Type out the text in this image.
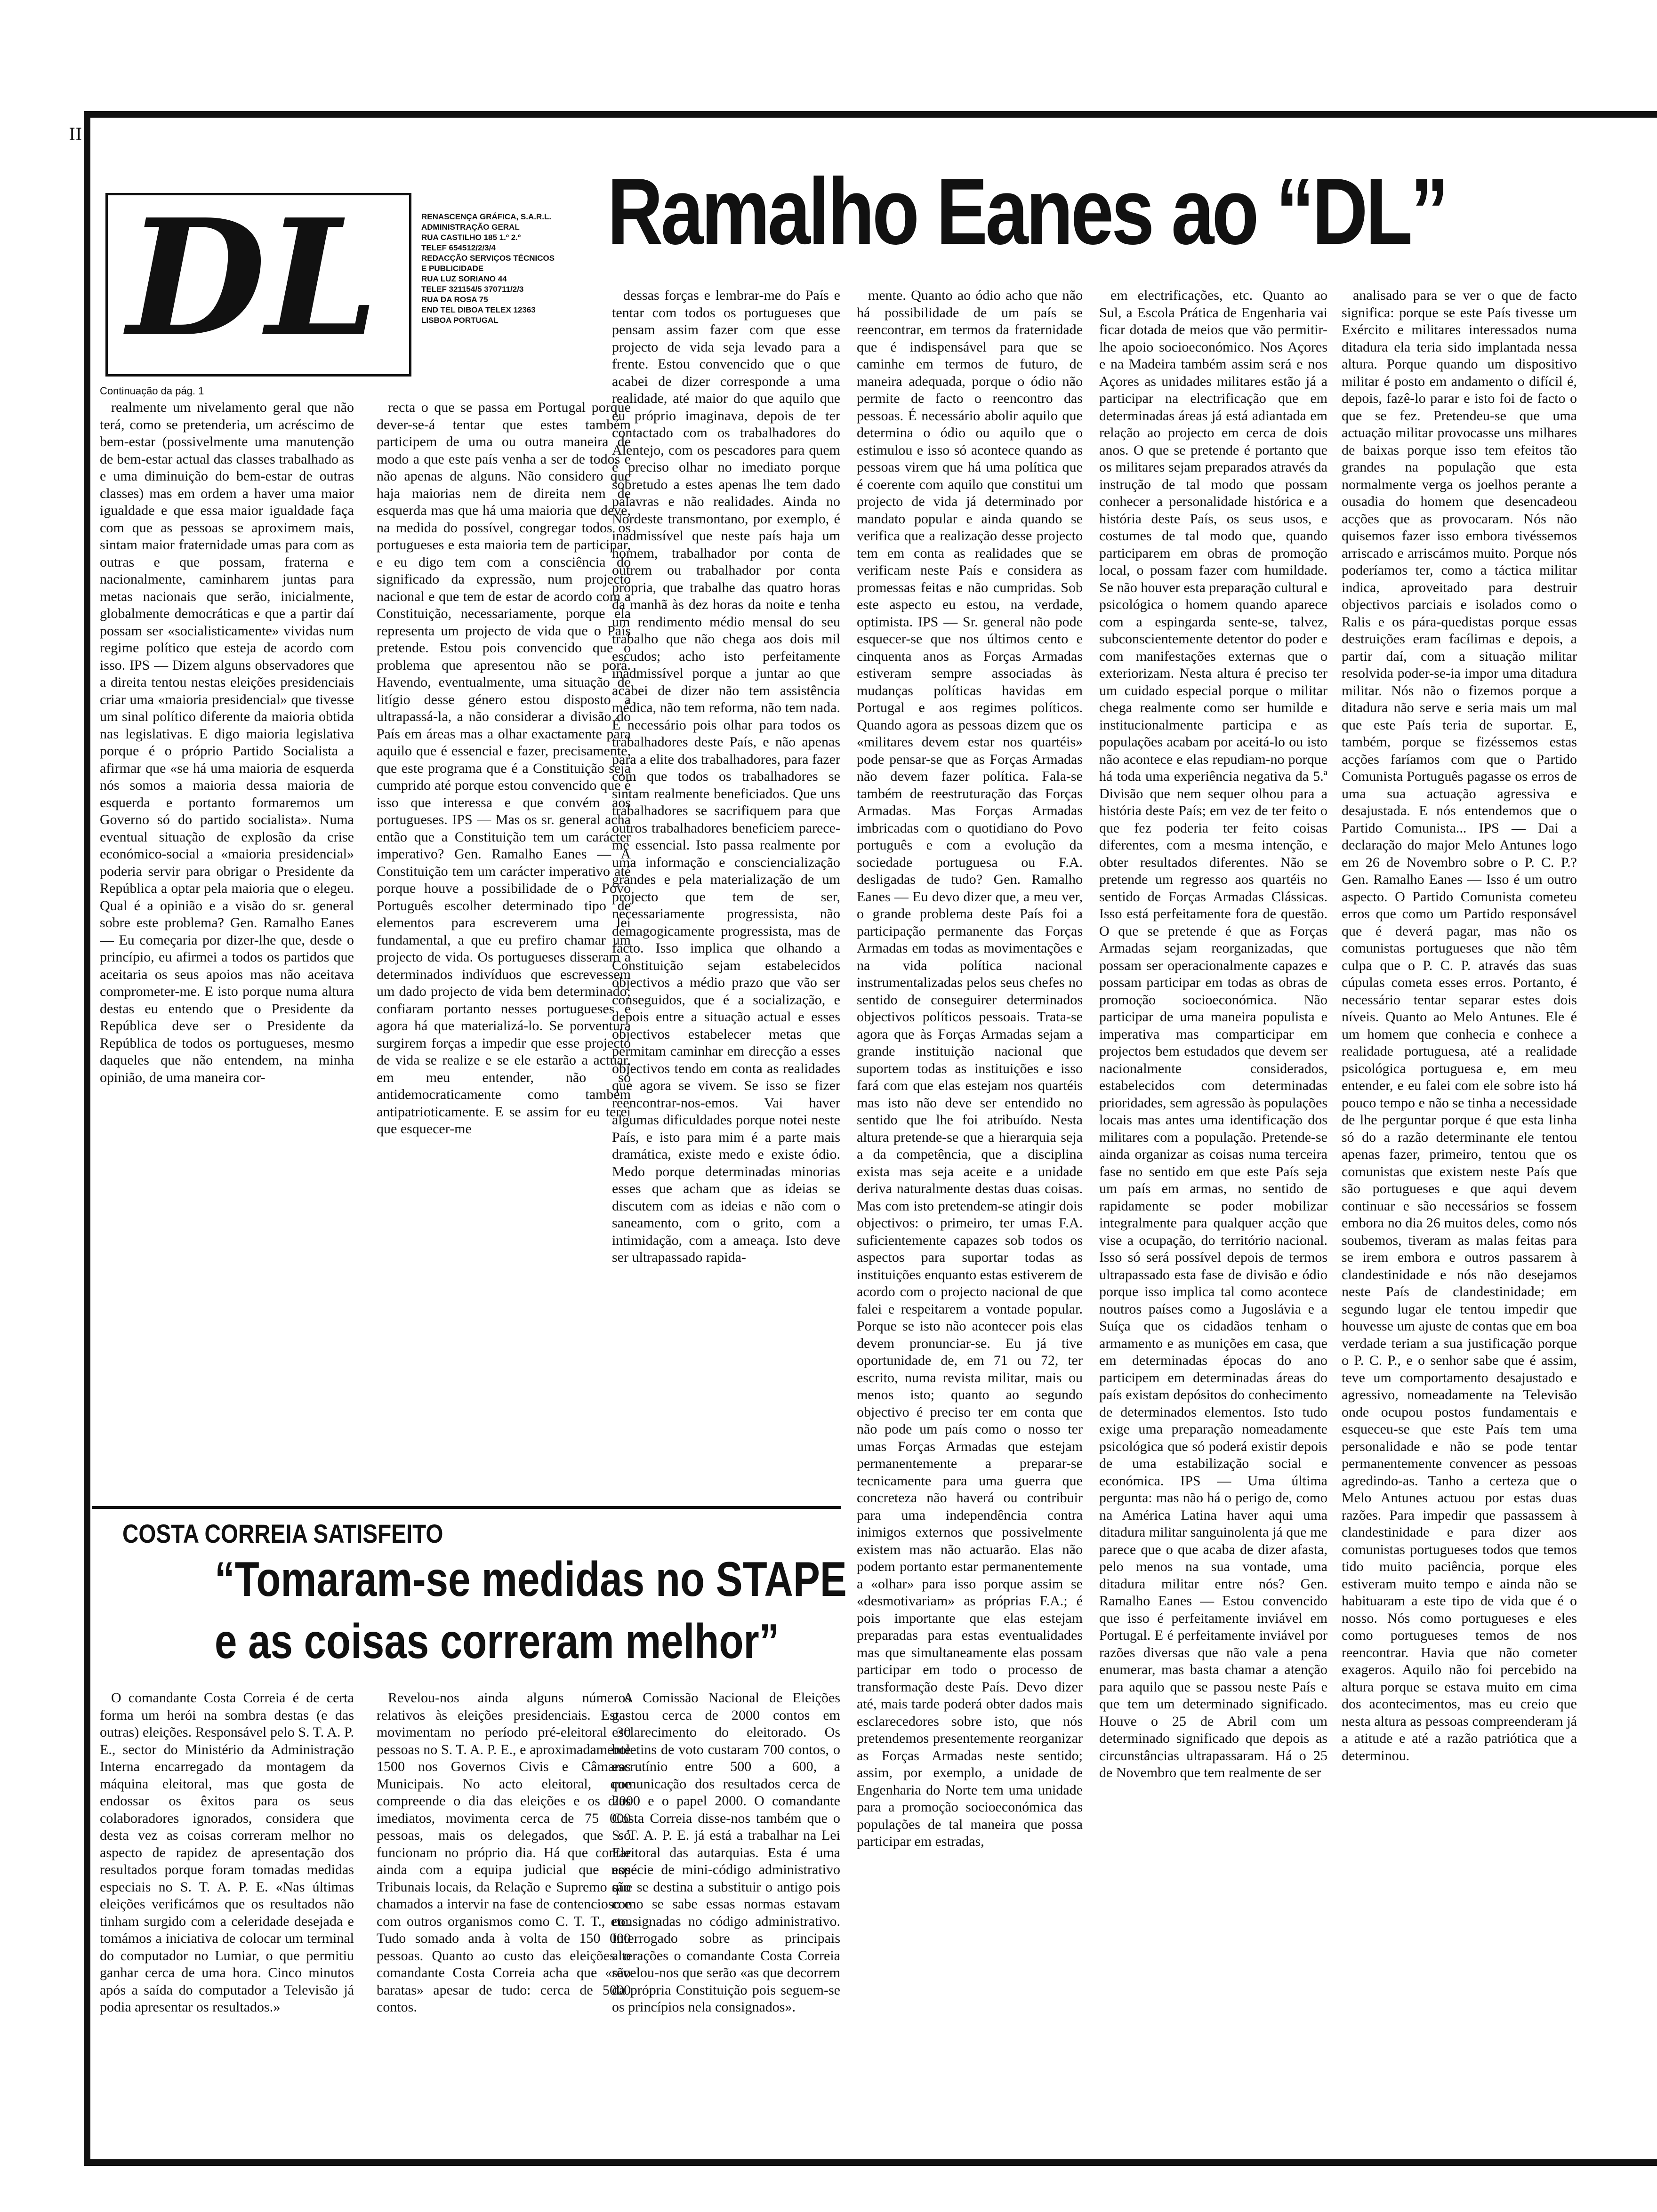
II
DL	RENASCENÇA GRÁFICA, S.A.R.L.
ADMINISTRAÇÃO GERAL
RUA CASTILHO 185 1.º 2.º
TELEF 654512/2/3/4
REDACÇÃO SERVIÇOS TÉCNICOS
E PUBLICIDADE
RUA LUZ SORIANO 44
TELEF 321154/5 370711/2/3
RUA DA ROSA 75
END TEL DIBOA TELEX 12363
LISBOA PORTUGAL
Ramalho Eanes ao “DL”
Continuação da pág. 1

realmente um nivelamento geral que não terá, como se pretenderia, um acréscimo de bem-estar (possivelmente uma manutenção de bem-estar actual das classes trabalhado as e uma diminuição do bem-estar de outras classes) mas em ordem a haver uma maior igualdade e que essa maior igualdade faça com que as pessoas se aproximem mais, sintam maior fraternidade umas para com as outras e que possam, fraterna e nacionalmente, caminharem juntas para metas nacionais que serão, inicialmente, globalmente democráticas e que a partir daí possam ser «socialisticamente» vividas num regime político que esteja de acordo com isso. IPS — Dizem alguns observadores que a direita tentou nestas eleições presidenciais criar uma «maioria presidencial» que tivesse um sinal político diferente da maioria obtida nas legislativas. E digo maioria legislativa porque é o próprio Partido Socialista a afirmar que «se há uma maioria de esquerda nós somos a maioria dessa maioria de esquerda e portanto formaremos um Governo só do partido socialista». Numa eventual situação de explosão da crise económico-social a «maioria presidencial» poderia servir para obrigar o Presidente da República a optar pela maioria que o elegeu. Qual é a opinião e a visão do sr. general sobre este problema? Gen. Ramalho Eanes — Eu começaria por dizer-lhe que, desde o princípio, eu afirmei a todos os partidos que aceitaria os seus apoios mas não aceitava comprometer-me. E isto porque numa altura destas eu entendo que o Presidente da República deve ser o Presidente da República de todos os portugueses, mesmo daqueles que não entendem, na minha opinião, de uma maneira cor-

recta o que se passa em Portugal porque dever-se-á tentar que estes também participem de uma ou outra maneira de modo a que este país venha a ser de todos e não apenas de alguns. Não considero que haja maiorias nem de direita nem de esquerda mas que há uma maioria que deve, na medida do possível, congregar todos os portugueses e esta maioria tem de participar, e eu digo tem com a consciência do significado da expressão, num projecto nacional e que tem de estar de acordo com a Constituição, necessariamente, porque ela representa um projecto de vida que o País pretende. Estou pois convencido que o problema que apresentou não se porá. Havendo, eventualmente, uma situação de litígio desse género estou disposto a ultrapassá-la, a não considerar a divisão do País em áreas mas a olhar exactamente para aquilo que é essencial e fazer, precisamente, que este programa que é a Constituição seja cumprido até porque estou convencido que é isso que interessa e que convém aos portugueses. IPS — Mas os sr. general acha então que a Constituição tem um carácter imperativo? Gen. Ramalho Eanes — A Constituição tem um carácter imperativo até porque houve a possibilidade de o Povo Português escolher determinado tipo de elementos para escreverem uma lei fundamental, a que eu prefiro chamar um projecto de vida. Os portugueses disseram a determinados indivíduos que escrevessem um dado projecto de vida bem determinado; confiaram portanto nesses portugueses e agora há que materializá-lo. Se porventura surgirem forças a impedir que esse projecto de vida se realize e se ele estarão a actuar, em meu entender, não só antidemocraticamente como também antipatrioticamente. E se assim for eu terei que esquecer-me

dessas forças e lembrar-me do País e tentar com todos os portugueses que pensam assim fazer com que esse projecto de vida seja levado para a frente. Estou convencido que o que acabei de dizer corresponde a uma realidade, até maior do que aquilo que eu próprio imaginava, depois de ter contactado com os trabalhadores do Alentejo, com os pescadores para quem é preciso olhar no imediato porque sobretudo a estes apenas lhe tem dado palavras e não realidades. Ainda no Nordeste transmontano, por exemplo, é inadmissível que neste país haja um homem, trabalhador por conta de outrem ou trabalhador por conta própria, que trabalhe das quatro horas da manhã às dez horas da noite e tenha um rendimento médio mensal do seu trabalho que não chega aos dois mil escudos; acho isto perfeitamente inadmissível porque a juntar ao que acabei de dizer não tem assistência médica, não tem reforma, não tem nada. É necessário pois olhar para todos os trabalhadores deste País, e não apenas para a elite dos trabalhadores, para fazer com que todos os trabalhadores se sintam realmente beneficiados. Que uns trabalhadores se sacrifiquem para que outros trabalhadores beneficiem parece-me essencial. Isto passa realmente por uma informação e consciencialização grandes e pela materialização de um projecto que tem de ser, necessariamente progressista, não demagogicamente progressista, mas de facto. Isso implica que olhando a Constituição sejam estabelecidos objectivos a médio prazo que vão ser conseguidos, que é a socialização, e depois entre a situação actual e esses objectivos estabelecer metas que permitam caminhar em direcção a esses objectivos tendo em conta as realidades que agora se vivem. Se isso se fizer reencontrar-nos-emos. Vai haver algumas dificuldades porque notei neste País, e isto para mim é a parte mais dramática, existe medo e existe ódio. Medo porque determinadas minorias esses que acham que as ideias se discutem com as ideias e não com o saneamento, com o grito, com a intimidação, com a ameaça. Isto deve ser ultrapassado rapida-

mente. Quanto ao ódio acho que não há possibilidade de um país se reencontrar, em termos da fraternidade que é indispensável para que se caminhe em termos de futuro, de maneira adequada, porque o ódio não permite de facto o reencontro das pessoas. É necessário abolir aquilo que determina o ódio ou aquilo que o estimulou e isso só acontece quando as pessoas virem que há uma política que é coerente com aquilo que constitui um projecto de vida já determinado por mandato popular e ainda quando se verifica que a realização desse projecto tem em conta as realidades que se verificam neste País e considera as promessas feitas e não cumpridas. Sob este aspecto eu estou, na verdade, optimista. IPS — Sr. general não pode esquecer-se que nos últimos cento e cinquenta anos as Forças Armadas estiveram sempre associadas às mudanças políticas havidas em Portugal e aos regimes políticos. Quando agora as pessoas dizem que os «militares devem estar nos quartéis» pode pensar-se que as Forças Armadas não devem fazer política. Fala-se também de reestruturação das Forças Armadas. Mas Forças Armadas imbricadas com o quotidiano do Povo português e com a evolução da sociedade portuguesa ou F.A. desligadas de tudo? Gen. Ramalho Eanes — Eu devo dizer que, a meu ver, o grande problema deste País foi a participação permanente das Forças Armadas em todas as movimentações e na vida política nacional instrumentalizadas pelos seus chefes no sentido de conseguirer determinados objectivos políticos pessoais. Trata-se agora que às Forças Armadas sejam a grande instituição nacional que suportem todas as instituições e isso fará com que elas estejam nos quartéis mas isto não deve ser entendido no sentido que lhe foi atribuído. Nesta altura pretende-se que a hierarquia seja a da competência, que a disciplina exista mas seja aceite e a unidade deriva naturalmente destas duas coisas. Mas com isto pretendem-se atingir dois objectivos: o primeiro, ter umas F.A. suficientemente capazes sob todos os aspectos para suportar todas as instituições enquanto estas estiverem de acordo com o projecto nacional de que falei e respeitarem a vontade popular. Porque se isto não acontecer pois elas devem pronunciar-se. Eu já tive oportunidade de, em 71 ou 72, ter escrito, numa revista militar, mais ou menos isto; quanto ao segundo objectivo é preciso ter em conta que não pode um país como o nosso ter umas Forças Armadas que estejam permanentemente a preparar-se tecnicamente para uma guerra que concreteza não haverá ou contribuir para uma independência contra inimigos externos que possivelmente existem mas não actuarão. Elas não podem portanto estar permanentemente a «olhar» para isso porque assim se «desmotivariam» as próprias F.A.; é pois importante que elas estejam preparadas para estas eventualidades mas que simultaneamente elas possam participar em todo o processo de transformação deste País. Devo dizer até, mais tarde poderá obter dados mais esclarecedores sobre isto, que nós pretendemos presentemente reorganizar as Forças Armadas neste sentido; assim, por exemplo, a unidade de Engenharia do Norte tem uma unidade para a promoção socioeconómica das populações de tal maneira que possa participar em estradas,

em electrificações, etc. Quanto ao Sul, a Escola Prática de Engenharia vai ficar dotada de meios que vão permitir-lhe apoio socioeconómico. Nos Açores e na Madeira também assim será e nos Açores as unidades militares estão já a participar na electrificação que em determinadas áreas já está adiantada em relação ao projecto em cerca de dois anos. O que se pretende é portanto que os militares sejam preparados através da instrução de tal modo que possam conhecer a personalidade histórica e a história deste País, os seus usos, e costumes de tal modo que, quando participarem em obras de promoção local, o possam fazer com humildade. Se não houver esta preparação cultural e psicológica o homem quando aparece com a espingarda sente-se, talvez, subconscientemente detentor do poder e com manifestações externas que o exteriorizam. Nesta altura é preciso ter um cuidado especial porque o militar chega realmente como ser humilde e institucionalmente participa e as populações acabam por aceitá-lo ou isto não acontece e elas repudiam-no porque há toda uma experiência negativa da 5.ª Divisão que nem sequer olhou para a história deste País; em vez de ter feito o que fez poderia ter feito coisas diferentes, com a mesma intenção, e obter resultados diferentes. Não se pretende um regresso aos quartéis no sentido de Forças Armadas Clássicas. Isso está perfeitamente fora de questão. O que se pretende é que as Forças Armadas sejam reorganizadas, que possam ser operacionalmente capazes e possam participar em todas as obras de promoção socioeconómica. Não participar de uma maneira populista e imperativa mas comparticipar em projectos bem estudados que devem ser nacionalmente considerados, estabelecidos com determinadas prioridades, sem agressão às populações locais mas antes uma identificação dos militares com a população. Pretende-se ainda organizar as coisas numa terceira fase no sentido em que este País seja um país em armas, no sentido de rapidamente se poder mobilizar integralmente para qualquer acção que vise a ocupação, do território nacional. Isso só será possível depois de termos ultrapassado esta fase de divisão e ódio porque isso implica tal como acontece noutros países como a Jugoslávia e a Suíça que os cidadãos tenham o armamento e as munições em casa, que em determinadas épocas do ano participem em determinadas áreas do país existam depósitos do conhecimento de determinados elementos. Isto tudo exige uma preparação nomeadamente psicológica que só poderá existir depois de uma estabilização social e económica. IPS — Uma última pergunta: mas não há o perigo de, como na América Latina haver aqui uma ditadura militar sanguinolenta já que me parece que o que acaba de dizer afasta, pelo menos na sua vontade, uma ditadura militar entre nós? Gen. Ramalho Eanes — Estou convencido que isso é perfeitamente inviável em Portugal. E é perfeitamente inviável por razões diversas que não vale a pena enumerar, mas basta chamar a atenção para aquilo que se passou neste País e que tem um determinado significado. Houve o 25 de Abril com um determinado significado que depois as circunstâncias ultrapassaram. Há o 25 de Novembro que tem realmente de ser

analisado para se ver o que de facto significa: porque se este País tivesse um Exército e militares interessados numa ditadura ela teria sido implantada nessa altura. Porque quando um dispositivo militar é posto em andamento o difícil é, depois, fazê-lo parar e isto foi de facto o que se fez. Pretendeu-se que uma actuação militar provocasse uns milhares de baixas porque isso tem efeitos tão grandes na população que esta normalmente verga os joelhos perante a ousadia do homem que desencadeou acções que as provocaram. Nós não quisemos fazer isso embora tivéssemos arriscado e arriscámos muito. Porque nós poderíamos ter, como a táctica militar indica, aproveitado para destruir objectivos parciais e isolados como o Ralis e os pára-quedistas porque essas destruições eram facílimas e depois, a partir daí, com a situação militar resolvida poder-se-ia impor uma ditadura militar. Nós não o fizemos porque a ditadura não serve e seria mais um mal que este País teria de suportar. E, também, porque se fizéssemos estas acções faríamos com que o Partido Comunista Português pagasse os erros de uma sua actuação agressiva e desajustada. E nós entendemos que o Partido Comunista... IPS — Dai a declaração do major Melo Antunes logo em 26 de Novembro sobre o P. C. P.? Gen. Ramalho Eanes — Isso é um outro aspecto. O Partido Comunista cometeu erros que como um Partido responsável que é deverá pagar, mas não os comunistas portugueses que não têm culpa que o P. C. P. através das suas cúpulas cometa esses erros. Portanto, é necessário tentar separar estes dois níveis. Quanto ao Melo Antunes. Ele é um homem que conhecia e conhece a realidade portuguesa, até a realidade psicológica portuguesa e, em meu entender, e eu falei com ele sobre isto há pouco tempo e não se tinha a necessidade de lhe perguntar porque é que esta linha só do a razão determinante ele tentou apenas fazer, primeiro, tentou que os comunistas que existem neste País que são portugueses e que aqui devem continuar e são necessários se fossem embora no dia 26 muitos deles, como nós soubemos, tiveram as malas feitas para se irem embora e outros passarem à clandestinidade e nós não desejamos neste País de clandestinidade; em segundo lugar ele tentou impedir que houvesse um ajuste de contas que em boa verdade teriam a sua justificação porque o P. C. P., e o senhor sabe que é assim, teve um comportamento desajustado e agressivo, nomeadamente na Televisão onde ocupou postos fundamentais e esqueceu-se que este País tem uma personalidade e não se pode tentar permanentemente convencer as pessoas agredindo-as. Tanho a certeza que o Melo Antunes actuou por estas duas razões. Para impedir que passassem à clandestinidade e para dizer aos comunistas portugueses todos que temos tido muito paciência, porque eles estiveram muito tempo e ainda não se habituaram a este tipo de vida que é o nosso. Nós como portugueses e eles como portugueses temos de nos reencontrar. Havia que não cometer exageros. Aquilo não foi percebido na altura porque se estava muito em cima dos acontecimentos, mas eu creio que nesta altura as pessoas compreenderam já a atitude e até a razão patriótica que a determinou.

COSTA CORREIA SATISFEITO
“Tomaram-se medidas no STAPE
e as coisas correram melhor”

O comandante Costa Correia é de certa forma um herói na sombra destas (e das outras) eleições. Responsável pelo S. T. A. P. E., sector do Ministério da Administração Interna encarregado da montagem da máquina eleitoral, mas que gosta de endossar os êxitos para os seus colaboradores ignorados, considera que desta vez as coisas correram melhor no aspecto de rapidez de apresentação dos resultados porque foram tomadas medidas especiais no S. T. A. P. E. «Nas últimas eleições verificámos que os resultados não tinham surgido com a celeridade desejada e tomámos a iniciativa de colocar um terminal do computador no Lumiar, o que permitiu ganhar cerca de uma hora. Cinco minutos após a saída do computador a Televisão já podia apresentar os resultados.»

Revelou-nos ainda alguns números relativos às eleições presidenciais. Estas movimentam no período pré-eleitoral 30 pessoas no S. T. A. P. E., e aproximadamente 1500 nos Governos Civis e Câmaras Municipais. No acto eleitoral, que compreende o dia das eleições e os dias imediatos, movimenta cerca de 75 000 pessoas, mais os delegados, que só funcionam no próprio dia. Há que contar ainda com a equipa judicial que nos Tribunais locais, da Relação e Supremo são chamados a intervir na fase de contencioso e com outros organismos como C. T. T., etc. Tudo somado anda à volta de 150 000 pessoas. Quanto ao custo das eleições o comandante Costa Correia acha que «são baratas» apesar de tudo: cerca de 5000 contos.

A Comissão Nacional de Eleições gastou cerca de 2000 contos em esclarecimento do eleitorado. Os boletins de voto custaram 700 contos, o escrutínio entre 500 a 600, a comunicação dos resultados cerca de 2000 e o papel 2000. O comandante Costa Correia disse-nos também que o S. T. A. P. E. já está a trabalhar na Lei Eleitoral das autarquias. Esta é uma espécie de mini-código administrativo que se destina a substituir o antigo pois como se sabe essas normas estavam consignadas no código administrativo. Interrogado sobre as principais alterações o comandante Costa Correia revelou-nos que serão «as que decorrem da própria Constituição pois seguem-se os princípios nela consignados».
